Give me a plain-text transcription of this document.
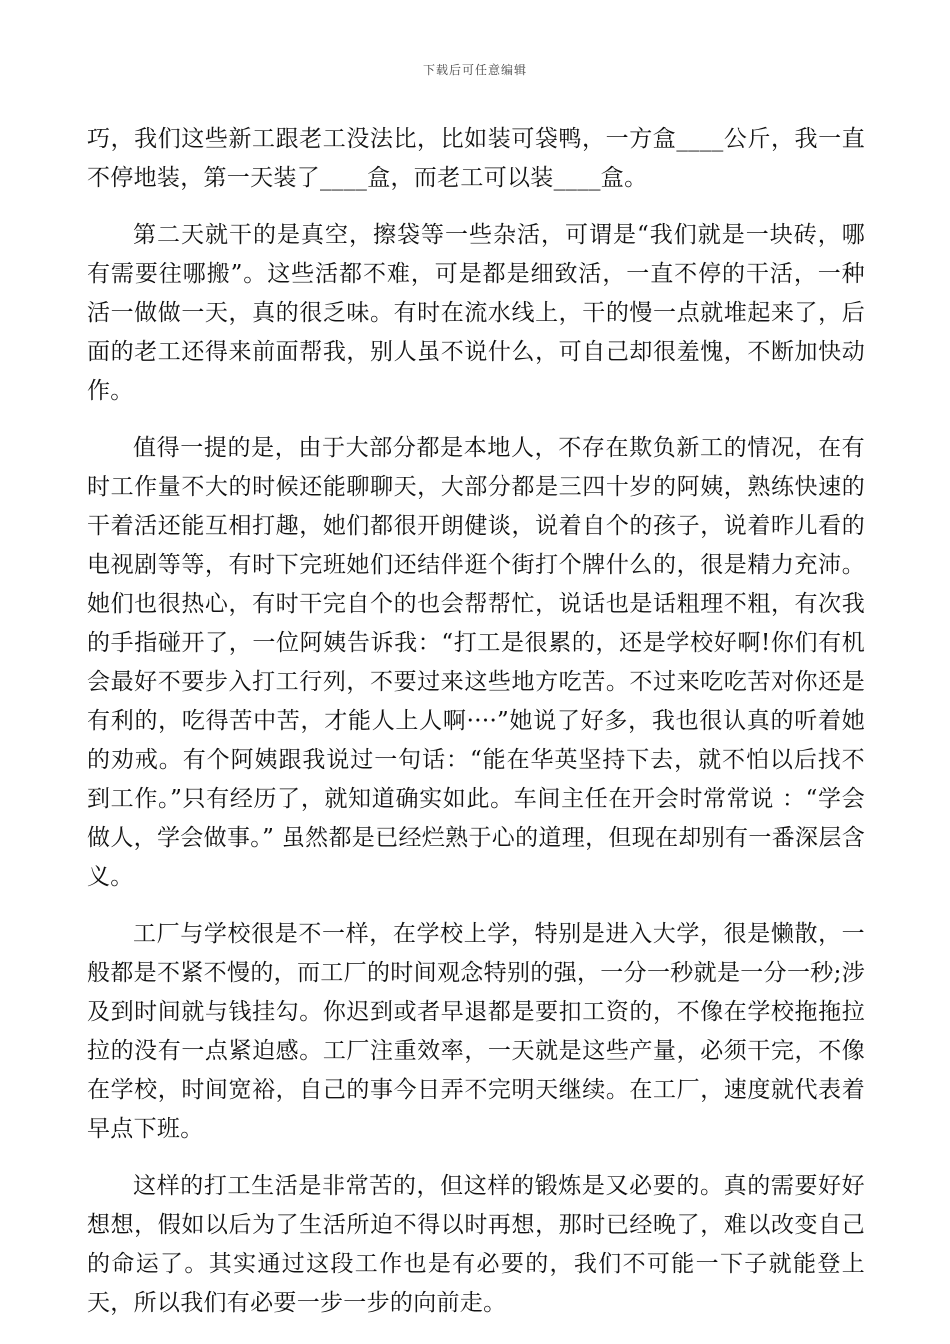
下载后可任意编辑

巧，我们这些新工跟老工没法比，比如装可袋鸭，一方盒____公斤，我一直不停地装，第一天装了____盒，而老工可以装____盒。

第二天就干的是真空，擦袋等一些杂活，可谓是“我们就是一块砖，哪有需要往哪搬”。这些活都不难，可是都是细致活，一直不停的干活，一种活一做做一天，真的很乏味。有时在流水线上，干的慢一点就堆起来了，后面的老工还得来前面帮我，别人虽不说什么，可自己却很羞愧，不断加快动作。

值得一提的是，由于大部分都是本地人，不存在欺负新工的情况，在有时工作量不大的时候还能聊聊天，大部分都是三四十岁的阿姨，熟练快速的干着活还能互相打趣，她们都很开朗健谈，说着自个的孩子，说着昨儿看的电视剧等等，有时下完班她们还结伴逛个街打个牌什么的，很是精力充沛。她们也很热心，有时干完自个的也会帮帮忙，说话也是话粗理不粗，有次我的手指碰开了，一位阿姨告诉我：“打工是很累的，还是学校好啊!你们有机会最好不要步入打工行列，不要过来这些地方吃苦。不过来吃吃苦对你还是有利的，吃得苦中苦，才能人上人啊····”她说了好多，我也很认真的听着她的劝戒。有个阿姨跟我说过一句话：“能在华英坚持下去，就不怕以后找不到工作。”只有经历了，就知道确实如此。车间主任在开会时常常说 ：“学会做人，学会做事。” 虽然都是已经烂熟于心的道理，但现在却别有一番深层含义。

工厂与学校很是不一样，在学校上学，特别是进入大学，很是懒散，一般都是不紧不慢的，而工厂的时间观念特别的强，一分一秒就是一分一秒;涉及到时间就与钱挂勾。你迟到或者早退都是要扣工资的，不像在学校拖拖拉拉的没有一点紧迫感。工厂注重效率，一天就是这些产量，必须干完，不像在学校，时间宽裕，自己的事今日弄不完明天继续。在工厂，速度就代表着早点下班。

这样的打工生活是非常苦的，但这样的锻炼是又必要的。真的需要好好想想，假如以后为了生活所迫不得以时再想，那时已经晚了，难以改变自己的命运了。其实通过这段工作也是有必要的，我们不可能一下子就能登上天，所以我们有必要一步一步的向前走。
